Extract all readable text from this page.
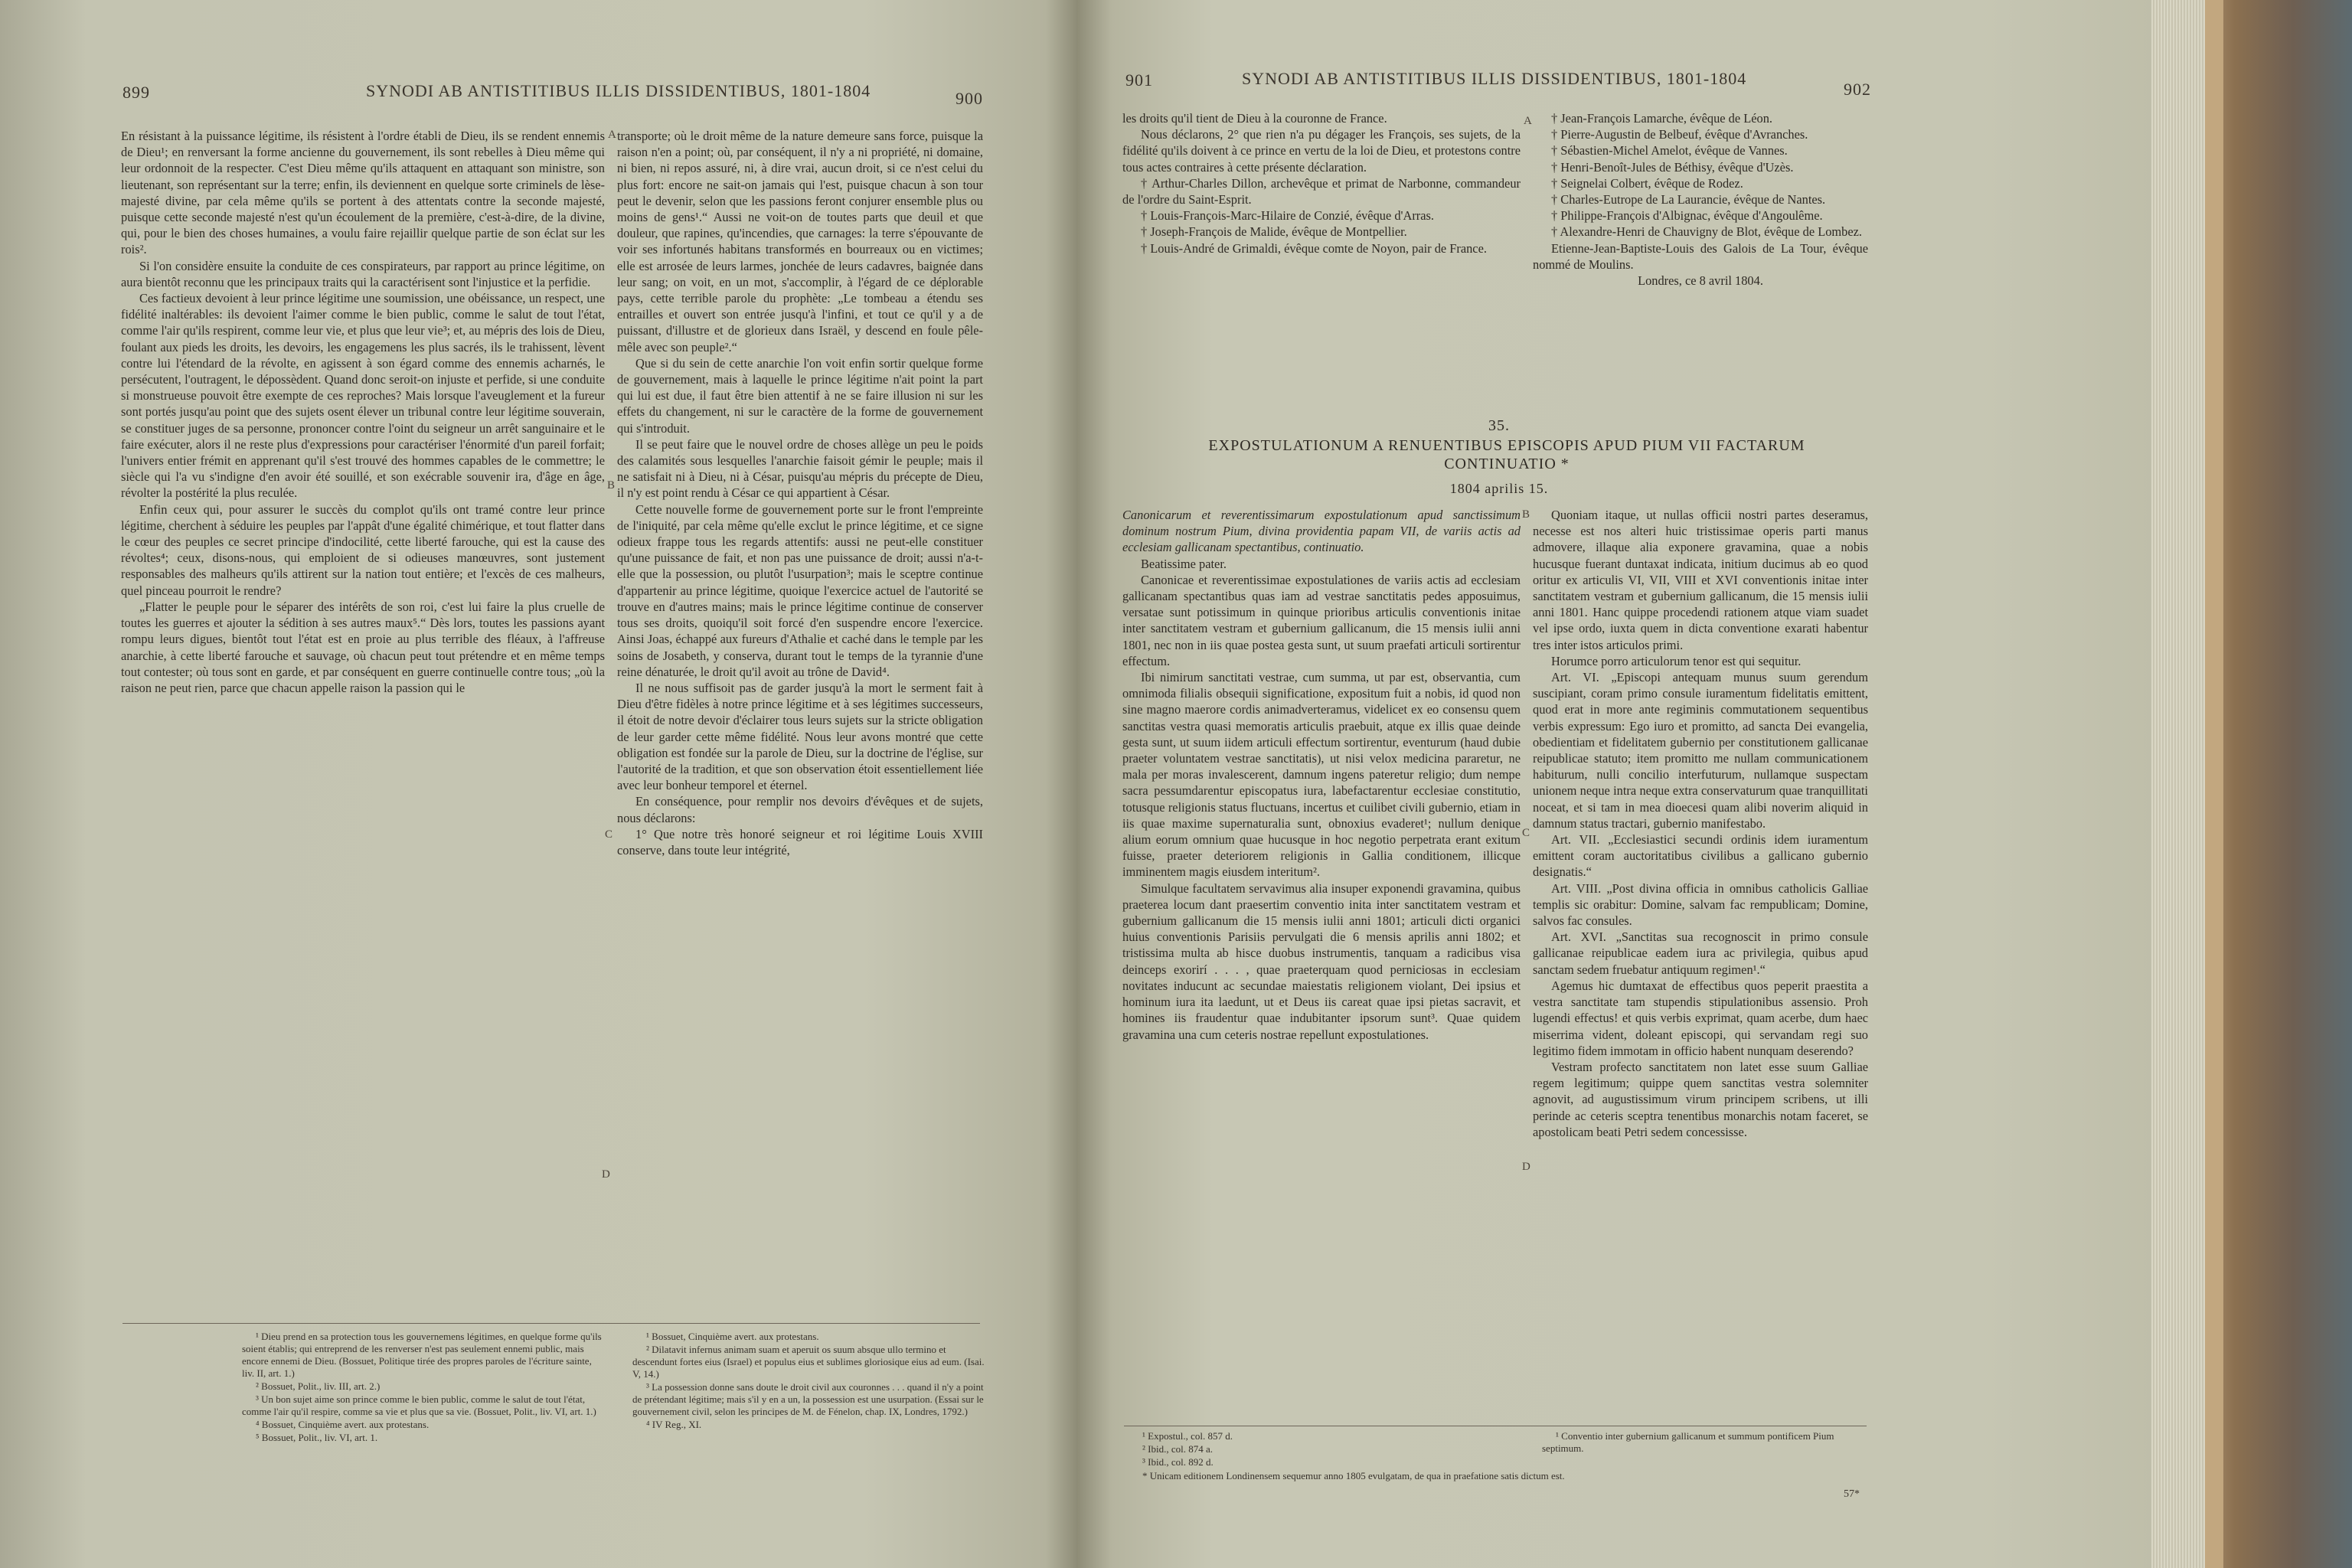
899	SYNODI AB ANTISTITIBUS ILLIS DISSIDENTIBUS, 1801-1804	900

En résistant à la puissance légitime, ils résistent à l'ordre établi de Dieu, ils se rendent ennemis de Dieu¹; en renversant la forme ancienne du gouvernement, ils sont rebelles à Dieu même qui leur ordonnoit de la respecter. C'est Dieu même qu'ils attaquent en attaquant son ministre, son lieutenant, son représentant sur la terre; enfin, ils deviennent en quelque sorte criminels de lèse-majesté divine, par cela même qu'ils se portent à des attentats contre la seconde majesté, puisque cette seconde majesté n'est qu'un écoulement de la première, c'est-à-dire, de la divine, qui, pour le bien des choses humaines, a voulu faire rejaillir quelque partie de son éclat sur les rois².

Si l'on considère ensuite la conduite de ces conspirateurs, par rapport au prince légitime, on aura bientôt reconnu que les principaux traits qui la caractérisent sont l'injustice et la perfidie.

Ces factieux devoient à leur prince légitime une soumission, une obéissance, un respect, une fidélité inaltérables: ils devoient l'aimer comme le bien public, comme le salut de tout l'état, comme l'air qu'ils respirent, comme leur vie, et plus que leur vie³; et, au mépris des lois de Dieu, foulant aux pieds les droits, les devoirs, les engagemens les plus sacrés, ils le trahissent, lèvent contre lui l'étendard de la révolte, en agissent à son égard comme des ennemis acharnés, le persécutent, l'outragent, le dépossèdent. Quand donc seroit-on injuste et perfide, si une conduite si monstrueuse pouvoit être exempte de ces reproches? Mais lorsque l'aveuglement et la fureur sont portés jusqu'au point que des sujets osent élever un tribunal contre leur légitime souverain, se constituer juges de sa personne, prononcer contre l'oint du seigneur un arrêt sanguinaire et le faire exécuter, alors il ne reste plus d'expressions pour caractériser l'énormité d'un pareil forfait; l'univers entier frémit en apprenant qu'il s'est trouvé des hommes capables de le commettre; le siècle qui l'a vu s'indigne d'en avoir été souillé, et son exécrable souvenir ira, d'âge en âge, révolter la postérité la plus reculée.

Enfin ceux qui, pour assurer le succès du complot qu'ils ont tramé contre leur prince légitime, cherchent à séduire les peuples par l'appât d'une égalité chimérique, et tout flatter dans le cœur des peuples ce secret principe d'indocilité, cette liberté farouche, qui est la cause des révoltes⁴; ceux, disons-nous, qui emploient de si odieuses manœuvres, sont justement responsables des malheurs qu'ils attirent sur la nation tout entière; et l'excès de ces malheurs, quel pinceau pourroit le rendre?

„Flatter le peuple pour le séparer des intérêts de son roi, c'est lui faire la plus cruelle de toutes les guerres et ajouter la sédition à ses autres maux⁵.“ Dès lors, toutes les passions ayant rompu leurs digues, bientôt tout l'état est en proie au plus terrible des fléaux, à l'affreuse anarchie, à cette liberté farouche et sauvage, où chacun peut tout prétendre et en même temps tout contester; où tous sont en garde, et par conséquent en guerre continuelle contre tous; „où la raison ne peut rien, parce que chacun appelle raison la passion qui le

transporte; où le droit même de la nature demeure sans force, puisque la raison n'en a point; où, par conséquent, il n'y a ni propriété, ni domaine, ni bien, ni repos assuré, ni, à dire vrai, aucun droit, si ce n'est celui du plus fort: encore ne sait-on jamais qui l'est, puisque chacun à son tour peut le devenir, selon que les passions feront conjurer ensemble plus ou moins de gens¹.“ Aussi ne voit-on de toutes parts que deuil et que douleur, que rapines, qu'incendies, que carnages: la terre s'épouvante de voir ses infortunés habitans transformés en bourreaux ou en victimes; elle est arrosée de leurs larmes, jonchée de leurs cadavres, baignée dans leur sang; on voit, en un mot, s'accomplir, à l'égard de ce déplorable pays, cette terrible parole du prophète: „Le tombeau a étendu ses entrailles et ouvert son entrée jusqu'à l'infini, et tout ce qu'il y a de puissant, d'illustre et de glorieux dans Israël, y descend en foule pêle-mêle avec son peuple².“

Que si du sein de cette anarchie l'on voit enfin sortir quelque forme de gouvernement, mais à laquelle le prince légitime n'ait point la part qui lui est due, il faut être bien attentif à ne se faire illusion ni sur les effets du changement, ni sur le caractère de la forme de gouvernement qui s'introduit.

Il se peut faire que le nouvel ordre de choses allège un peu le poids des calamités sous lesquelles l'anarchie faisoit gémir le peuple; mais il ne satisfait ni à Dieu, ni à César, puisqu'au mépris du précepte de Dieu, il n'y est point rendu à César ce qui appartient à César.

Cette nouvelle forme de gouvernement porte sur le front l'empreinte de l'iniquité, par cela même qu'elle exclut le prince légitime, et ce signe odieux frappe tous les regards attentifs: aussi ne peut-elle constituer qu'une puissance de fait, et non pas une puissance de droit; aussi n'a-t-elle que la possession, ou plutôt l'usurpation³; mais le sceptre continue d'appartenir au prince légitime, quoique l'exercice actuel de l'autorité se trouve en d'autres mains; mais le prince légitime continue de conserver tous ses droits, quoiqu'il soit forcé d'en suspendre encore l'exercice. Ainsi Joas, échappé aux fureurs d'Athalie et caché dans le temple par les soins de Josabeth, y conserva, durant tout le temps de la tyrannie d'une reine dénaturée, le droit qu'il avoit au trône de David⁴.

Il ne nous suffisoit pas de garder jusqu'à la mort le serment fait à Dieu d'être fidèles à notre prince légitime et à ses légitimes successeurs, il étoit de notre devoir d'éclairer tous leurs sujets sur la stricte obligation de leur garder cette même fidélité. Nous leur avons montré que cette obligation est fondée sur la parole de Dieu, sur la doctrine de l'église, sur l'autorité de la tradition, et que son observation étoit essentiellement liée avec leur bonheur temporel et éternel.

En conséquence, pour remplir nos devoirs d'évêques et de sujets, nous déclarons:

1° Que notre très honoré seigneur et roi légitime Louis XVIII conserve, dans toute leur intégrité,

A
B
C
D

¹ Dieu prend en sa protection tous les gouvernemens légitimes, en quelque forme qu'ils soient établis; qui entreprend de les renverser n'est pas seulement ennemi public, mais encore ennemi de Dieu. (Bossuet, Politique tirée des propres paroles de l'écriture sainte, liv. II, art. 1.)

² Bossuet, Polit., liv. III, art. 2.)

³ Un bon sujet aime son prince comme le bien public, comme le salut de tout l'état, comme l'air qu'il respire, comme sa vie et plus que sa vie. (Bossuet, Polit., liv. VI, art. 1.)

⁴ Bossuet, Cinquième avert. aux protestans.

⁵ Bossuet, Polit., liv. VI, art. 1.

¹ Bossuet, Cinquième avert. aux protestans.

² Dilatavit infernus animam suam et aperuit os suum absque ullo termino et descendunt fortes eius (Israel) et populus eius et sublimes gloriosique eius ad eum. (Isai. V, 14.)

³ La possession donne sans doute le droit civil aux couronnes . . . quand il n'y a point de prétendant légitime; mais s'il y en a un, la possession est une usurpation. (Essai sur le gouvernement civil, selon les principes de M. de Fénelon, chap. IX, Londres, 1792.)

⁴ IV Reg., XI.

901	SYNODI AB ANTISTITIBUS ILLIS DISSIDENTIBUS, 1801-1804
902

les droits qu'il tient de Dieu à la couronne de France.

Nous déclarons, 2° que rien n'a pu dégager les François, ses sujets, de la fidélité qu'ils doivent à ce prince en vertu de la loi de Dieu, et protestons contre tous actes contraires à cette présente déclaration.

† Arthur-Charles Dillon, archevêque et primat de Narbonne, commandeur de l'ordre du Saint-Esprit.

† Louis-François-Marc-Hilaire de Conzié, évêque d'Arras.

† Joseph-François de Malide, évêque de Montpellier.

† Louis-André de Grimaldi, évêque comte de Noyon, pair de France.

† Jean-François Lamarche, évêque de Léon.

† Pierre-Augustin de Belbeuf, évêque d'Avranches.

† Sébastien-Michel Amelot, évêque de Vannes.

† Henri-Benoît-Jules de Béthisy, évêque d'Uzès.

† Seignelai Colbert, évêque de Rodez.

† Charles-Eutrope de La Laurancie, évêque de Nantes.

† Philippe-François d'Albignac, évêque d'Angoulême.

† Alexandre-Henri de Chauvigny de Blot, évêque de Lombez.

Etienne-Jean-Baptiste-Louis des Galois de La Tour, évêque nommé de Moulins.

Londres, ce 8 avril 1804.

35.
EXPOSTULATIONUM A RENUENTIBUS EPISCOPIS APUD PIUM VII FACTARUM CONTINUATIO *
1804 aprilis 15.

Canonicarum et reverentissimarum expostulationum apud sanctissimum dominum nostrum Pium, divina providentia papam VII, de variis actis ad ecclesiam gallicanam spectantibus, continuatio.

Beatissime pater.

Canonicae et reverentissimae expostulationes de variis actis ad ecclesiam gallicanam spectantibus quas iam ad vestrae sanctitatis pedes apposuimus, versatae sunt potissimum in quinque prioribus articulis conventionis initae inter sanctitatem vestram et gubernium gallicanum, die 15 mensis iulii anni 1801, nec non in iis quae postea gesta sunt, ut suum praefati articuli sortirentur effectum.

Ibi nimirum sanctitati vestrae, cum summa, ut par est, observantia, cum omnimoda filialis obsequii significatione, expositum fuit a nobis, id quod non sine magno maerore cordis animadverteramus, videlicet ex eo consensu quem sanctitas vestra quasi memoratis articulis praebuit, atque ex illis quae deinde gesta sunt, ut suum iidem articuli effectum sortirentur, eventurum (haud dubie praeter voluntatem vestrae sanctitatis), ut nisi velox medicina pararetur, ne mala per moras invalescerent, damnum ingens pateretur religio; dum nempe sacra pessumdarentur episcopatus iura, labefactarentur ecclesiae constitutio, totusque religionis status fluctuans, incertus et cuilibet civili gubernio, etiam in iis quae maxime supernaturalia sunt, obnoxius evaderet¹; nullum denique alium eorum omnium quae hucusque in hoc negotio perpetrata erant exitum fuisse, praeter deteriorem religionis in Gallia conditionem, illicque imminentem magis eiusdem interitum².

Simulque facultatem servavimus alia insuper exponendi gravamina, quibus praeterea locum dant praesertim conventio inita inter sanctitatem vestram et gubernium gallicanum die 15 mensis iulii anni 1801; articuli dicti organici huius conventionis Parisiis pervulgati die 6 mensis aprilis anni 1802; et tristissima multa ab hisce duobus instrumentis, tanquam a radicibus visa deinceps exorirí . . . , quae praeterquam quod perniciosas in ecclesiam novitates inducunt ac secundae maiestatis religionem violant, Dei ipsius et hominum iura ita laedunt, ut et Deus iis careat quae ipsi pietas sacravit, et homines iis fraudentur quae indubitanter ipsorum sunt³. Quae quidem gravamina una cum ceteris nostrae repellunt expostulationes.

Quoniam itaque, ut nullas officii nostri partes deseramus, necesse est nos alteri huic tristissimae operis parti manus admovere, illaque alia exponere gravamina, quae a nobis hucusque fuerant duntaxat indicata, initium ducimus ab eo quod oritur ex articulis VI, VII, VIII et XVI conventionis initae inter sanctitatem vestram et gubernium gallicanum, die 15 mensis iulii anni 1801. Hanc quippe procedendi rationem atque viam suadet vel ipse ordo, iuxta quem in dicta conventione exarati habentur tres inter istos articulos primi.

Horumce porro articulorum tenor est qui sequitur.

Art. VI. „Episcopi antequam munus suum gerendum suscipiant, coram primo consule iuramentum fidelitatis emittent, quod erat in more ante regiminis commutationem sequentibus verbis expressum: Ego iuro et promitto, ad sancta Dei evangelia, obedientiam et fidelitatem gubernio per constitutionem gallicanae reipublicae statuto; item promitto me nullam communicationem habiturum, nulli concilio interfuturum, nullamque suspectam unionem neque intra neque extra conservaturum quae tranquillitati noceat, et si tam in mea dioecesi quam alibi noverim aliquid in damnum status tractari, gubernio manifestabo.

Art. VII. „Ecclesiastici secundi ordinis idem iuramentum emittent coram auctoritatibus civilibus a gallicano gubernio designatis.“

Art. VIII. „Post divina officia in omnibus catholicis Galliae templis sic orabitur: Domine, salvam fac rempublicam; Domine, salvos fac consules.

Art. XVI. „Sanctitas sua recognoscit in primo consule gallicanae reipublicae eadem iura ac privilegia, quibus apud sanctam sedem fruebatur antiquum regimen¹.“

Agemus hic dumtaxat de effectibus quos peperit praestita a vestra sanctitate tam stupendis stipulationibus assensio. Proh lugendi effectus! et quis verbis exprimat, quam acerbe, dum haec miserrima vident, doleant episcopi, qui servandam regi suo legitimo fidem immotam in officio habent nunquam deserendo?

Vestram profecto sanctitatem non latet esse suum Galliae regem legitimum; quippe quem sanctitas vestra solemniter agnovit, ad augustissimum virum principem scribens, ut illi perinde ac ceteris sceptra tenentibus monarchis notam faceret, se apostolicam beati Petri sedem concessisse.

A
B
C
D

¹ Expostul., col. 857 d.

² Ibid., col. 874 a.

³ Ibid., col. 892 d.

¹ Conventio inter gubernium gallicanum et summum pontificem Pium septimum.

* Unicam editionem Londinensem sequemur anno 1805 evulgatam, de qua in praefatione satis dictum est.

57*
